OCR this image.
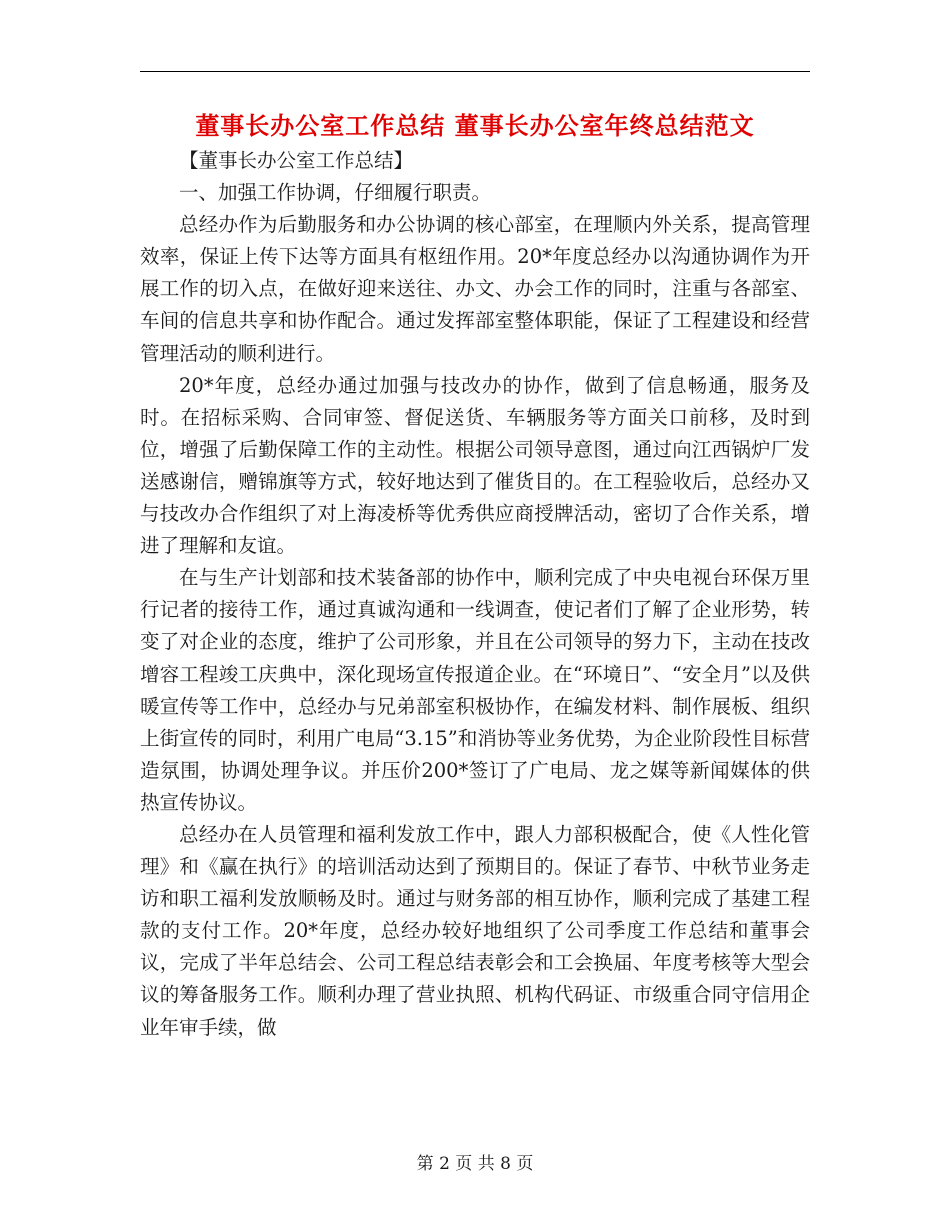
董事长办公室工作总结 董事长办公室年终总结范文

【董事长办公室工作总结】

一、加强工作协调，仔细履行职责。

总经办作为后勤服务和办公协调的核心部室，在理顺内外关系，提高管理效率，保证上传下达等方面具有枢纽作用。20*年度总经办以沟通协调作为开展工作的切入点，在做好迎来送往、办文、办会工作的同时，注重与各部室、车间的信息共享和协作配合。通过发挥部室整体职能，保证了工程建设和经营管理活动的顺利进行。

20*年度，总经办通过加强与技改办的协作，做到了信息畅通，服务及时。在招标采购、合同审签、督促送货、车辆服务等方面关口前移，及时到位，增强了后勤保障工作的主动性。根据公司领导意图，通过向江西锅炉厂发送感谢信，赠锦旗等方式，较好地达到了催货目的。在工程验收后，总经办又与技改办合作组织了对上海凌桥等优秀供应商授牌活动，密切了合作关系，增进了理解和友谊。

在与生产计划部和技术装备部的协作中，顺利完成了中央电视台环保万里行记者的接待工作，通过真诚沟通和一线调查，使记者们了解了企业形势，转变了对企业的态度，维护了公司形象，并且在公司领导的努力下，主动在技改增容工程竣工庆典中，深化现场宣传报道企业。在“环境日”、“安全月”以及供暖宣传等工作中，总经办与兄弟部室积极协作，在编发材料、制作展板、组织上街宣传的同时，利用广电局“3.15”和消协等业务优势，为企业阶段性目标营造氛围，协调处理争议。并压价200*签订了广电局、龙之媒等新闻媒体的供热宣传协议。

总经办在人员管理和福利发放工作中，跟人力部积极配合，使《人性化管理》和《赢在执行》的培训活动达到了预期目的。保证了春节、中秋节业务走访和职工福利发放顺畅及时。通过与财务部的相互协作，顺利完成了基建工程款的支付工作。20*年度，总经办较好地组织了公司季度工作总结和董事会议，完成了半年总结会、公司工程总结表彰会和工会换届、年度考核等大型会议的筹备服务工作。顺利办理了营业执照、机构代码证、市级重合同守信用企业年审手续，做

第 2 页 共 8 页
